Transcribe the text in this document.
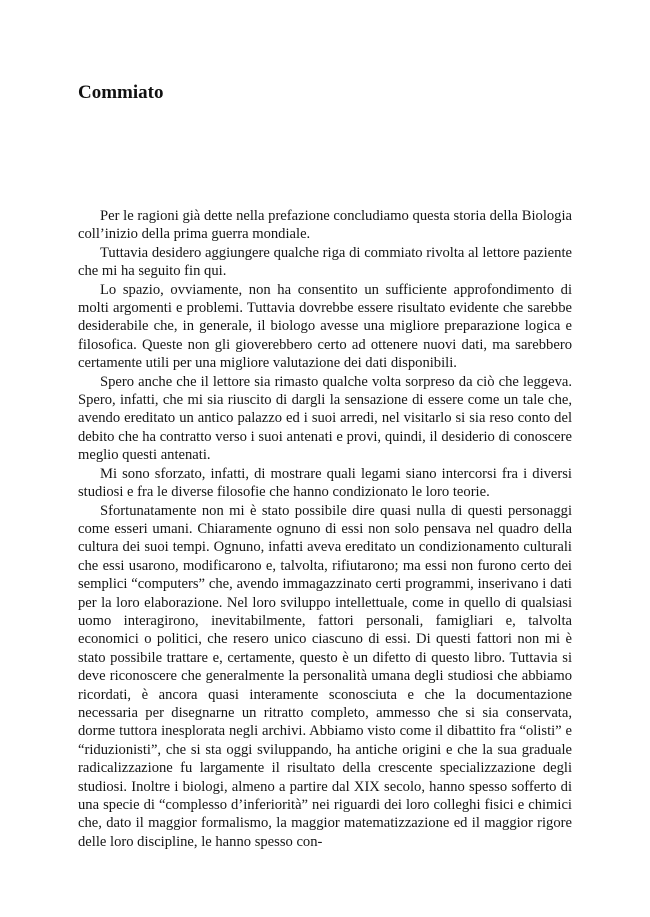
Commiato

Per le ragioni già dette nella prefazione concludiamo questa storia della Biologia coll’inizio della prima guerra mondiale.

Tuttavia desidero aggiungere qualche riga di commiato rivolta al lettore paziente che mi ha seguito fin qui.

Lo spazio, ovviamente, non ha consentito un sufficiente approfondimento di molti argomenti e problemi. Tuttavia dovrebbe essere risultato evidente che sarebbe desiderabile che, in generale, il biologo avesse una migliore preparazione logica e filosofica. Queste non gli gioverebbero certo ad ottenere nuovi dati, ma sarebbero certamente utili per una migliore valutazione dei dati disponibili.

Spero anche che il lettore sia rimasto qualche volta sorpreso da ciò che leggeva. Spero, infatti, che mi sia riuscito di dargli la sensazione di essere come un tale che, avendo ereditato un antico palazzo ed i suoi arredi, nel visitarlo si sia reso conto del debito che ha contratto verso i suoi antenati e provi, quindi, il desiderio di conoscere meglio questi antenati.

Mi sono sforzato, infatti, di mostrare quali legami siano intercorsi fra i diversi studiosi e fra le diverse filosofie che hanno condizionato le loro teorie.

Sfortunatamente non mi è stato possibile dire quasi nulla di questi personaggi come esseri umani. Chiaramente ognuno di essi non solo pensava nel quadro della cultura dei suoi tempi. Ognuno, infatti aveva ereditato un condizionamento culturali che essi usarono, modificarono e, talvolta, rifiutarono; ma essi non furono certo dei semplici “computers” che, avendo immagazzinato certi programmi, inserivano i dati per la loro elaborazione. Nel loro sviluppo intellettuale, come in quello di qualsiasi uomo interagirono, inevitabilmente, fattori personali, famigliari e, talvolta economici o politici, che resero unico ciascuno di essi. Di questi fattori non mi è stato possibile trattare e, certamente, questo è un difetto di questo libro. Tuttavia si deve riconoscere che generalmente la personalità umana degli studiosi che abbiamo ricordati, è ancora quasi interamente sconosciuta e che la documentazione necessaria per disegnarne un ritratto completo, ammesso che si sia conservata, dorme tuttora inesplorata negli archivi. Abbiamo visto come il dibattito fra “olisti” e “riduzionisti”, che si sta oggi sviluppando, ha antiche origini e che la sua graduale radicalizzazione fu largamente il risultato della crescente specializzazione degli studiosi. Inoltre i biologi, almeno a partire dal XIX secolo, hanno spesso sofferto di una specie di “complesso d’inferiorità” nei riguardi dei loro colleghi fisici e chimici che, dato il maggior formalismo, la maggior matematizzazione ed il maggior rigore delle loro discipline, le hanno spesso con-
